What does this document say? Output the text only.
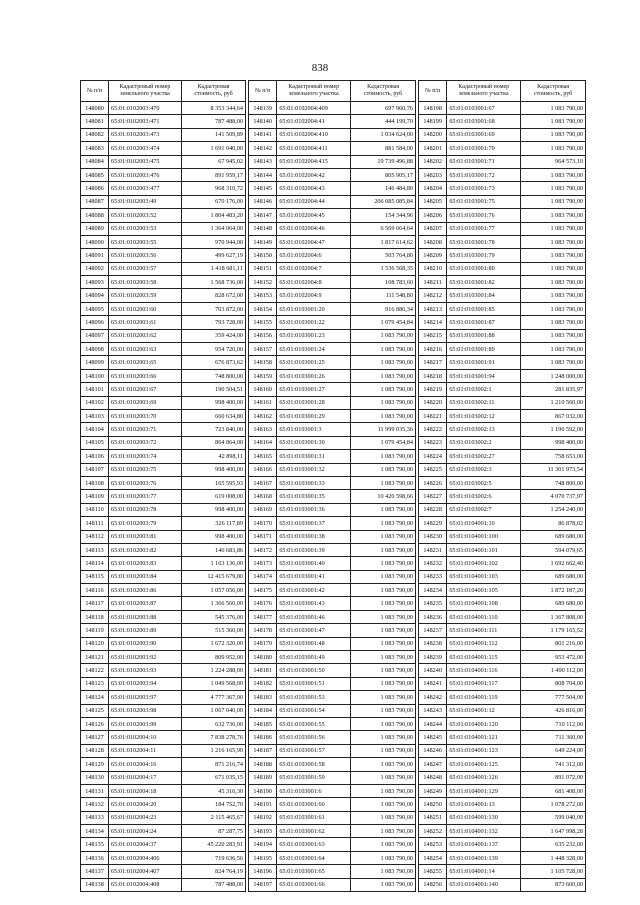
838
№ п/п	Кадастровый номер земельного участка	Кадастровая стоимость, руб
148080	65:01:0102003:470	8 353 344,64
148081	65:01:0102003:471	787 488,00
148082	65:01:0102003:473	141 509,89
148083	65:01:0102003:474	1 691 040,00
148084	65:01:0102003:475	67 945,02
148085	65:01:0102003:476	891 959,17
148086	65:01:0102003:477	968 310,72
148087	65:01:0102003:49	670 176,00
148088	65:01:0102003:52	1 804 483,20
148089	65:01:0102003:53	1 364 064,00
148090	65:01:0102003:55	970 944,00
148091	65:01:0102003:56	499 627,19
148092	65:01:0102003:57	1 418 681,11
148093	65:01:0102003:58	1 568 736,00
148094	65:01:0102003:59	828 672,00
148095	65:01:0102003:60	703 872,00
148096	65:01:0102003:61	793 728,00
148097	65:01:0102003:62	359 424,00
148098	65:01:0102003:63	954 720,00
148099	65:01:0102003:65	676 873,62
148100	65:01:0102003:66	748 800,00
148101	65:01:0102003:67	190 504,51
148102	65:01:0102003:69	998 400,00
148103	65:01:0102003:70	660 634,80
148104	65:01:0102003:71	723 840,00
148105	65:01:0102003:72	864 864,00
148106	65:01:0102003:74	42 898,11
148107	65:01:0102003:75	998 400,00
148108	65:01:0102003:76	165 595,93
148109	65:01:0102003:77	619 008,00
148110	65:01:0102003:78	998 400,00
148111	65:01:0102003:79	326 117,89
148112	65:01:0102003:81	998 400,00
148113	65:01:0102003:82	146 683,86
148114	65:01:0102003:83	1 163 136,00
148115	65:01:0102003:84	12 415 679,80
148116	65:01:0102003:86	1 057 056,00
148117	65:01:0102003:87	1 366 560,00
148118	65:01:0102003:88	545 376,00
148119	65:01:0102003:89	515 360,00
148120	65:01:0102003:90	1 672 320,00
148121	65:01:0102003:92	809 952,00
148122	65:01:0102003:93	1 224 288,00
148123	65:01:0102003:94	1 049 568,00
148124	65:01:0102003:97	4 777 367,00
148125	65:01:0102003:98	1 067 040,00
148126	65:01:0102003:99	632 736,00
148127	65:01:0102004:10	7 838 278,76
148128	65:01:0102004:11	1 216 165,90
148129	65:01:0102004:16	871 216,74
148130	65:01:0102004:17	671 035,15
148131	65:01:0102004:18	45 316,30
148132	65:01:0102004:20	184 752,70
148133	65:01:0102004:23	2 115 465,67
148134	65:01:0102004:24	87 287,75
148135	65:01:0102004:37	45 220 283,91
148136	65:01:0102004:406	719 636,56
148137	65:01:0102004:407	824 764,19
148138	65:01:0102004:408	787 488,00
№ п/п	Кадастровый номер земельного участка	Кадастровая стоимость, руб
148139	65:01:0102004:409	697 960,76
148140	65:01:0102004:41	444 199,70
148141	65:01:0102004:410	1 034 624,00
148142	65:01:0102004:411	881 584,00
148143	65:01:0102004:415	19 739 496,88
148144	65:01:0102004:42	805 905,17
148145	65:01:0102004:43	146 484,80
148146	65:01:0102004:44	206 085 085,84
148147	65:01:0102004:45	154 344,96
148148	65:01:0102004:46	6 569 664,64
148149	65:01:0102004:47	1 817 614,62
148150	65:01:0102004:6	503 764,80
148151	65:01:0102004:7	1 536 568,35
148152	65:01:0102004:8	108 783,60
148153	65:01:0102004:9	111 548,80
148154	65:01:0103001:20	916 886,34
148155	65:01:0103001:22	1 079 454,84
148156	65:01:0103001:23	1 083 790,00
148157	65:01:0103001:24	1 083 790,00
148158	65:01:0103001:25	1 083 790,00
148159	65:01:0103001:26	1 083 790,00
148160	65:01:0103001:27	1 083 790,00
148161	65:01:0103001:28	1 083 790,00
148162	65:01:0103001:29	1 083 790,00
148163	65:01:0103001:3	11 999 035,36
148164	65:01:0103001:30	1 079 454,84
148165	65:01:0103001:31	1 083 790,00
148166	65:01:0103001:32	1 083 790,00
148167	65:01:0103001:33	1 083 790,00
148168	65:01:0103001:35	10 420 598,66
148169	65:01:0103001:36	1 083 790,00
148170	65:01:0103001:37	1 083 790,00
148171	65:01:0103001:38	1 083 790,00
148172	65:01:0103001:39	1 083 790,00
148173	65:01:0103001:40	1 083 790,00
148174	65:01:0103001:41	1 083 790,00
148175	65:01:0103001:42	1 083 790,00
148176	65:01:0103001:43	1 083 790,00
148177	65:01:0103001:46	1 083 790,00
148178	65:01:0103001:47	1 083 790,00
148179	65:01:0103001:48	1 083 790,00
148180	65:01:0103001:49	1 083 790,00
148181	65:01:0103001:50	1 083 790,00
148182	65:01:0103001:51	1 083 790,00
148183	65:01:0103001:53	1 083 790,00
148184	65:01:0103001:54	1 083 790,00
148185	65:01:0103001:55	1 083 790,00
148186	65:01:0103001:56	1 083 790,00
148187	65:01:0103001:57	1 083 790,00
148188	65:01:0103001:58	1 083 790,00
148189	65:01:0103001:59	1 083 790,00
148190	65:01:0103001:6	1 083 790,00
148191	65:01:0103001:60	1 083 790,00
148192	65:01:0103001:61	1 083 790,00
148193	65:01:0103001:62	1 083 790,00
148194	65:01:0103001:63	1 083 790,00
148195	65:01:0103001:64	1 083 790,00
148196	65:01:0103001:65	1 083 790,00
148197	65:01:0103001:66	1 083 790,00
№ п/п	Кадастровый номер земельного участка	Кадастровая стоимость, руб
148198	65:01:0103001:67	1 083 790,00
148199	65:01:0103001:68	1 083 790,00
148200	65:01:0103001:69	1 083 790,00
148201	65:01:0103001:70	1 083 790,00
148202	65:01:0103001:71	964 573,10
148203	65:01:0103001:72	1 083 790,00
148204	65:01:0103001:73	1 083 790,00
148205	65:01:0103001:75	1 083 790,00
148206	65:01:0103001:76	1 083 790,00
148207	65:01:0103001:77	1 083 790,00
148208	65:01:0103001:78	1 083 790,00
148209	65:01:0103001:79	1 083 790,00
148210	65:01:0103001:80	1 083 790,00
148211	65:01:0103001:82	1 083 790,00
148212	65:01:0103001:84	1 083 790,00
148213	65:01:0103001:85	1 083 790,00
148214	65:01:0103001:87	1 083 790,00
148215	65:01:0103001:88	1 083 790,00
148216	65:01:0103001:89	1 083 790,00
148217	65:01:0103001:91	1 083 790,00
148218	65:01:0103001:94	1 248 000,00
148219	65:01:0103002:1	281 835,97
148220	65:01:0103002:11	1 210 560,00
148221	65:01:0103002:12	867 032,00
148222	65:01:0103002:13	1 190 592,00
148223	65:01:0103002:2	998 400,00
148224	65:01:0103002:27	758 653,00
148225	65:01:0103002:3	11 301 973,54
148226	65:01:0103002:5	748 800,00
148227	65:01:0103002:6	4 070 737,97
148228	65:01:0103002:7	1 254 240,00
148229	65:01:0104001:10	86 878,02
148230	65:01:0104001:100	689 680,00
148231	65:01:0104001:101	594 079,65
148232	65:01:0104001:102	1 692 662,40
148233	65:01:0104001:103	689 680,00
148234	65:01:0104001:105	1 872 187,20
148235	65:01:0104001:108	689 680,00
148236	65:01:0104001:110	1 367 808,00
148237	65:01:0104001:111	1 179 165,52
148238	65:01:0104001:112	801 216,00
148239	65:01:0104001:115	953 472,00
148240	65:01:0104001:116	1 490 112,00
148241	65:01:0104001:117	808 704,00
148242	65:01:0104001:119	777 504,00
148243	65:01:0104001:12	426 816,00
148244	65:01:0104001:120	710 112,00
148245	65:01:0104001:121	711 360,00
148246	65:01:0104001:123	649 224,00
148247	65:01:0104001:125	741 312,00
148248	65:01:0104001:126	891 072,00
148249	65:01:0104001:129	681 408,00
148250	65:01:0104001:13	1 078 272,00
148251	65:01:0104001:130	599 040,00
148252	65:01:0104001:132	1 647 998,28
148253	65:01:0104001:137	635 232,00
148254	65:01:0104001:139	1 448 328,00
148255	65:01:0104001:14	1 105 728,00
148256	65:01:0104001:140	873 600,00
